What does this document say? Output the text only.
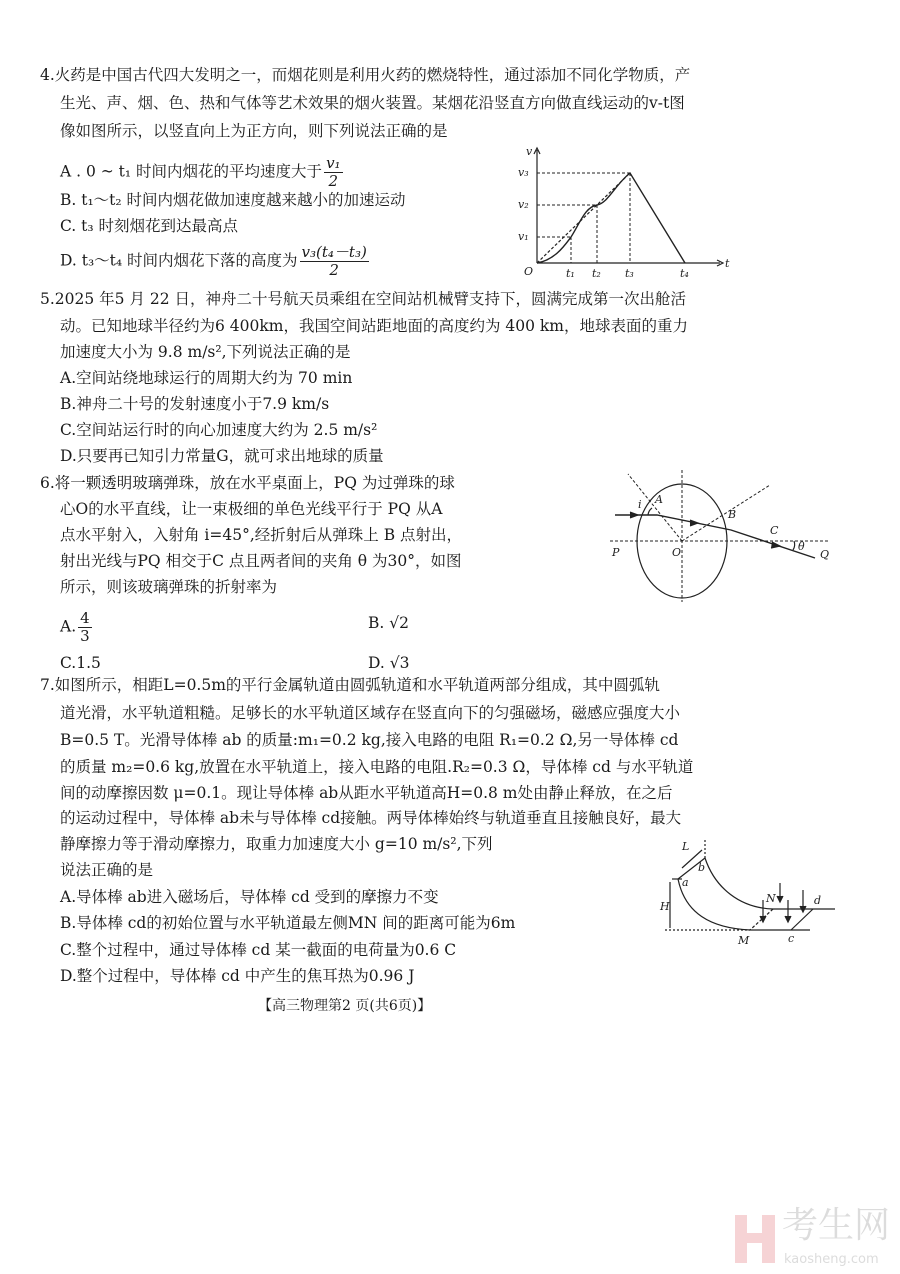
4.火药是中国古代四大发明之一，而烟花则是利用火药的燃烧特性，通过添加不同化学物质，产
生光、声、烟、色、热和气体等艺术效果的烟火装置。某烟花沿竖直方向做直线运动的v-t图
像如图所示，以竖直向上为正方向，则下列说法正确的是
A . 0 ~ t₁ 时间内烟花的平均速度大于 $\frac{\text{v₁}}{2}$
B. t₁～t₂ 时间内烟花做加速度越来越小的加速运动
C. t₃ 时刻烟花到达最高点
D. t₃～t₄ 时间内烟花下落的高度为 $\frac{\text{v₃(t₄－t₃)}}{2}$
v
t
O
v₁
v₂
v₃
t₁ t₂ t₃	t₄
5.2025 年5 月 22 日，神舟二十号航天员乘组在空间站机械臂支持下，圆满完成第一次出舱活
动。已知地球半径约为6 400km，我国空间站距地面的高度约为 400 km，地球表面的重力
加速度大小为 9.8 m/s²,下列说法正确的是
A.空间站绕地球运行的周期大约为 70 min
B.神舟二十号的发射速度小于7.9 km/s
C.空间站运行时的向心加速度大约为 2.5 m/s²
D.只要再已知引力常量G，就可求出地球的质量
6.将一颗透明玻璃弹珠，放在水平桌面上，PQ 为过弹珠的球
心O的水平直线，让一束极细的单色光线平行于 PQ 从A
点水平射入，入射角 i=45°,经折射后从弹珠上 B 点射出，
射出光线与PQ 相交于C 点且两者间的夹角 θ 为30°，如图
所示，则该玻璃弹珠的折射率为
A. $\frac{4}{3}$	B. √2
C.1.5	D. √3
i A
B
C
P	O	Q
θ
7.如图所示，相距L=0.5m的平行金属轨道由圆弧轨道和水平轨道两部分组成，其中圆弧轨
道光滑，水平轨道粗糙。足够长的水平轨道区域存在竖直向下的匀强磁场，磁感应强度大小
B=0.5 T。光滑导体棒 ab 的质量:m₁=0.2 kg,接入电路的电阻 R₁=0.2 Ω,另一导体棒 cd
的质量 m₂=0.6 kg,放置在水平轨道上，接入电路的电阻.R₂=0.3 Ω，导体棒 cd 与水平轨道
间的动摩擦因数 μ=0.1。现让导体棒 ab从距水平轨道高H=0.8 m处由静止释放，在之后
的运动过程中，导体棒 ab未与导体棒 cd接触。两导体棒始终与轨道垂直且接触良好，最大
静摩擦力等于滑动摩擦力，取重力加速度大小 g=10 m/s²,下列
说法正确的是
A.导体棒 ab进入磁场后，导体棒 cd 受到的摩擦力不变
B.导体棒 cd的初始位置与水平轨道最左侧MN 间的距离可能为6m
C.整个过程中，通过导体棒 cd 某一截面的电荷量为0.6 C
D.整个过程中，导体棒 cd 中产生的焦耳热为0.96 J
L
a
b
H
N	d
M	c
【高三物理第2 页(共6页)】
考生网
kaosheng.com
